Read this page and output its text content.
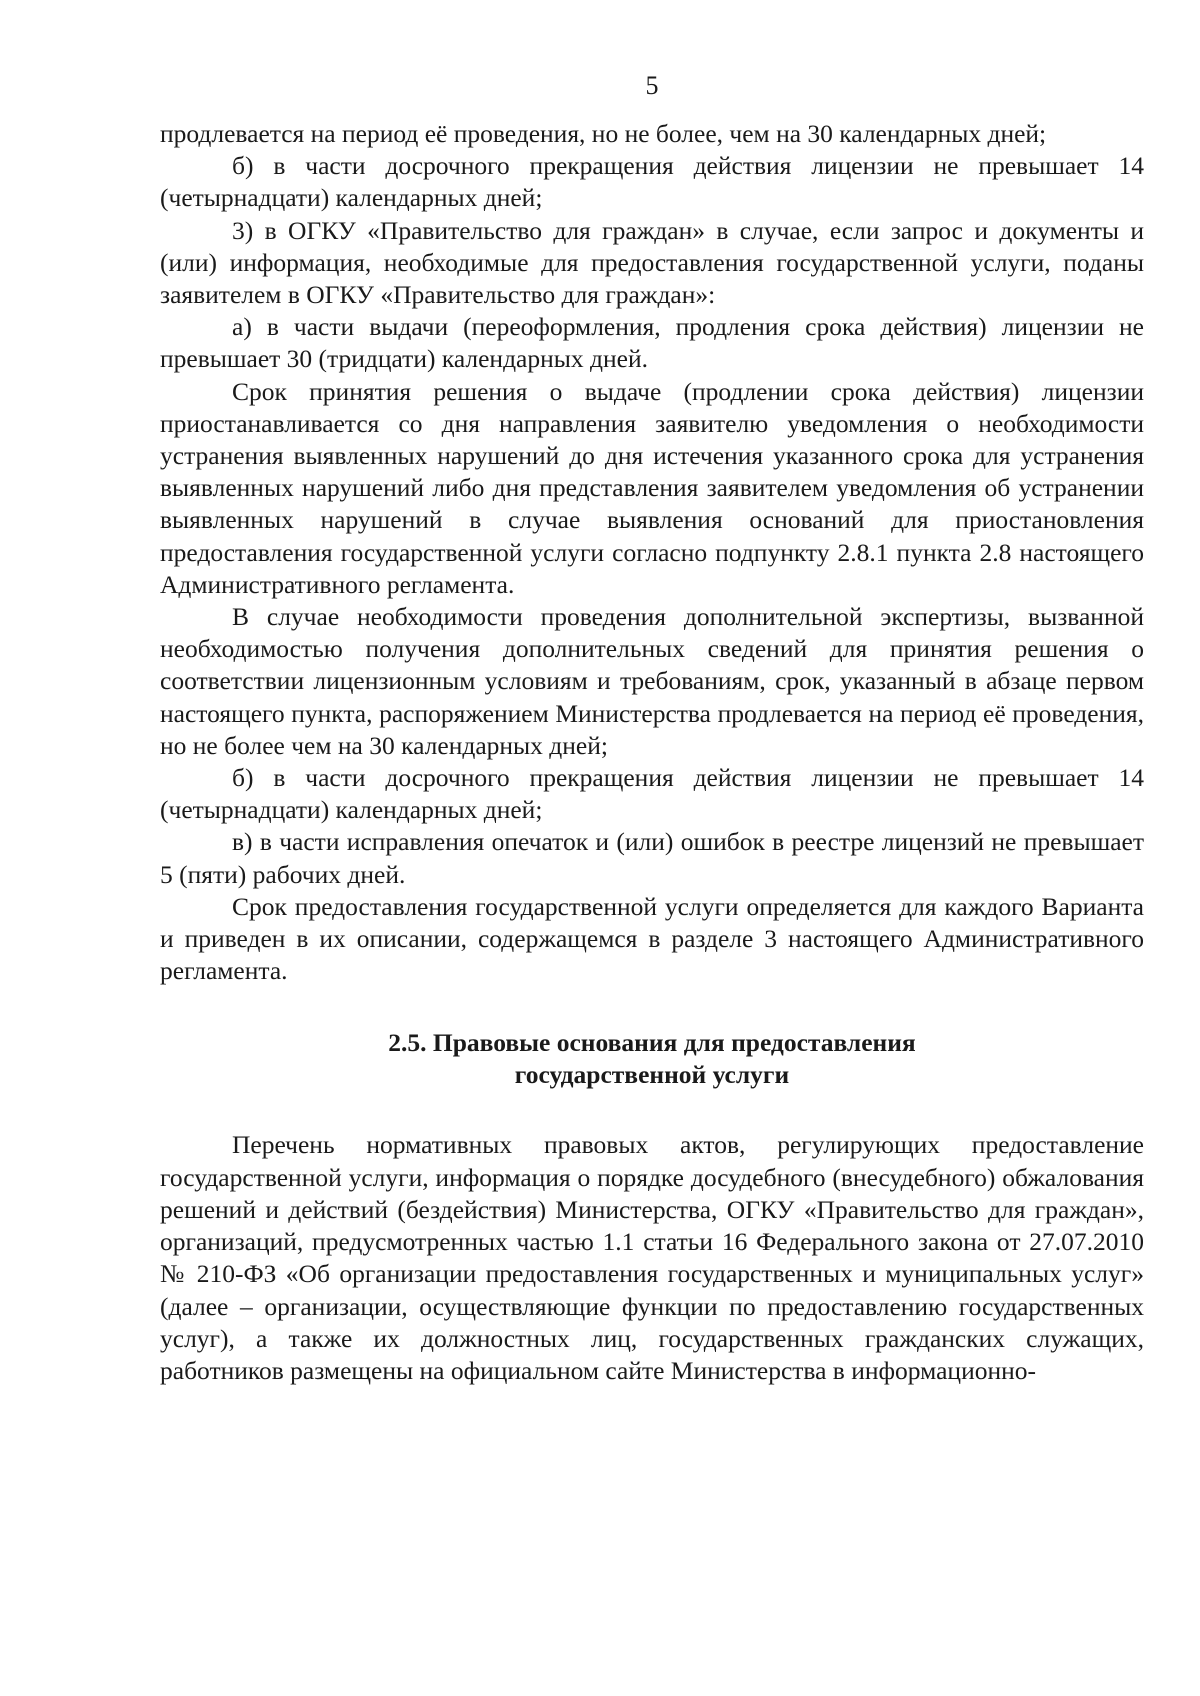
5

продлевается на период её проведения, но не более, чем на 30 календарных дней;

б) в части досрочного прекращения действия лицензии не превышает 14 (четырнадцати) календарных дней;

3) в ОГКУ «Правительство для граждан» в случае, если запрос и документы и (или) информация, необходимые для предоставления государственной услуги, поданы заявителем в ОГКУ «Правительство для граждан»:

а) в части выдачи (переоформления, продления срока действия) лицензии не превышает 30 (тридцати) календарных дней.

Срок принятия решения о выдаче (продлении срока действия) лицензии приостанавливается со дня направления заявителю уведомления о необходимости устранения выявленных нарушений до дня истечения указанного срока для устранения выявленных нарушений либо дня представления заявителем уведомления об устранении выявленных нарушений в случае выявления оснований для приостановления предоставления государственной услуги согласно подпункту 2.8.1 пункта 2.8 настоящего Административного регламента.

В случае необходимости проведения дополнительной экспертизы, вызванной необходимостью получения дополнительных сведений для принятия решения о соответствии лицензионным условиям и требованиям, срок, указанный в абзаце первом настоящего пункта, распоряжением Министерства продлевается на период её проведения, но не более чем на 30 календарных дней;

б) в части досрочного прекращения действия лицензии не превышает 14 (четырнадцати) календарных дней;

в) в части исправления опечаток и (или) ошибок в реестре лицензий не превышает 5 (пяти) рабочих дней.

Срок предоставления государственной услуги определяется для каждого Варианта и приведен в их описании, содержащемся в разделе 3 настоящего Административного регламента.

2.5. Правовые основания для предоставления
государственной услуги

Перечень нормативных правовых актов, регулирующих предоставление государственной услуги, информация о порядке досудебного (внесудебного) обжалования решений и действий (бездействия) Министерства, ОГКУ «Правительство для граждан», организаций, предусмотренных частью 1.1 статьи 16 Федерального закона от 27.07.2010 № 210-ФЗ «Об организации предоставления государственных и муниципальных услуг» (далее – организации, осуществляющие функции по предоставлению государственных услуг), а также их должностных лиц, государственных гражданских служащих, работников размещены на официальном сайте Министерства в информационно-
